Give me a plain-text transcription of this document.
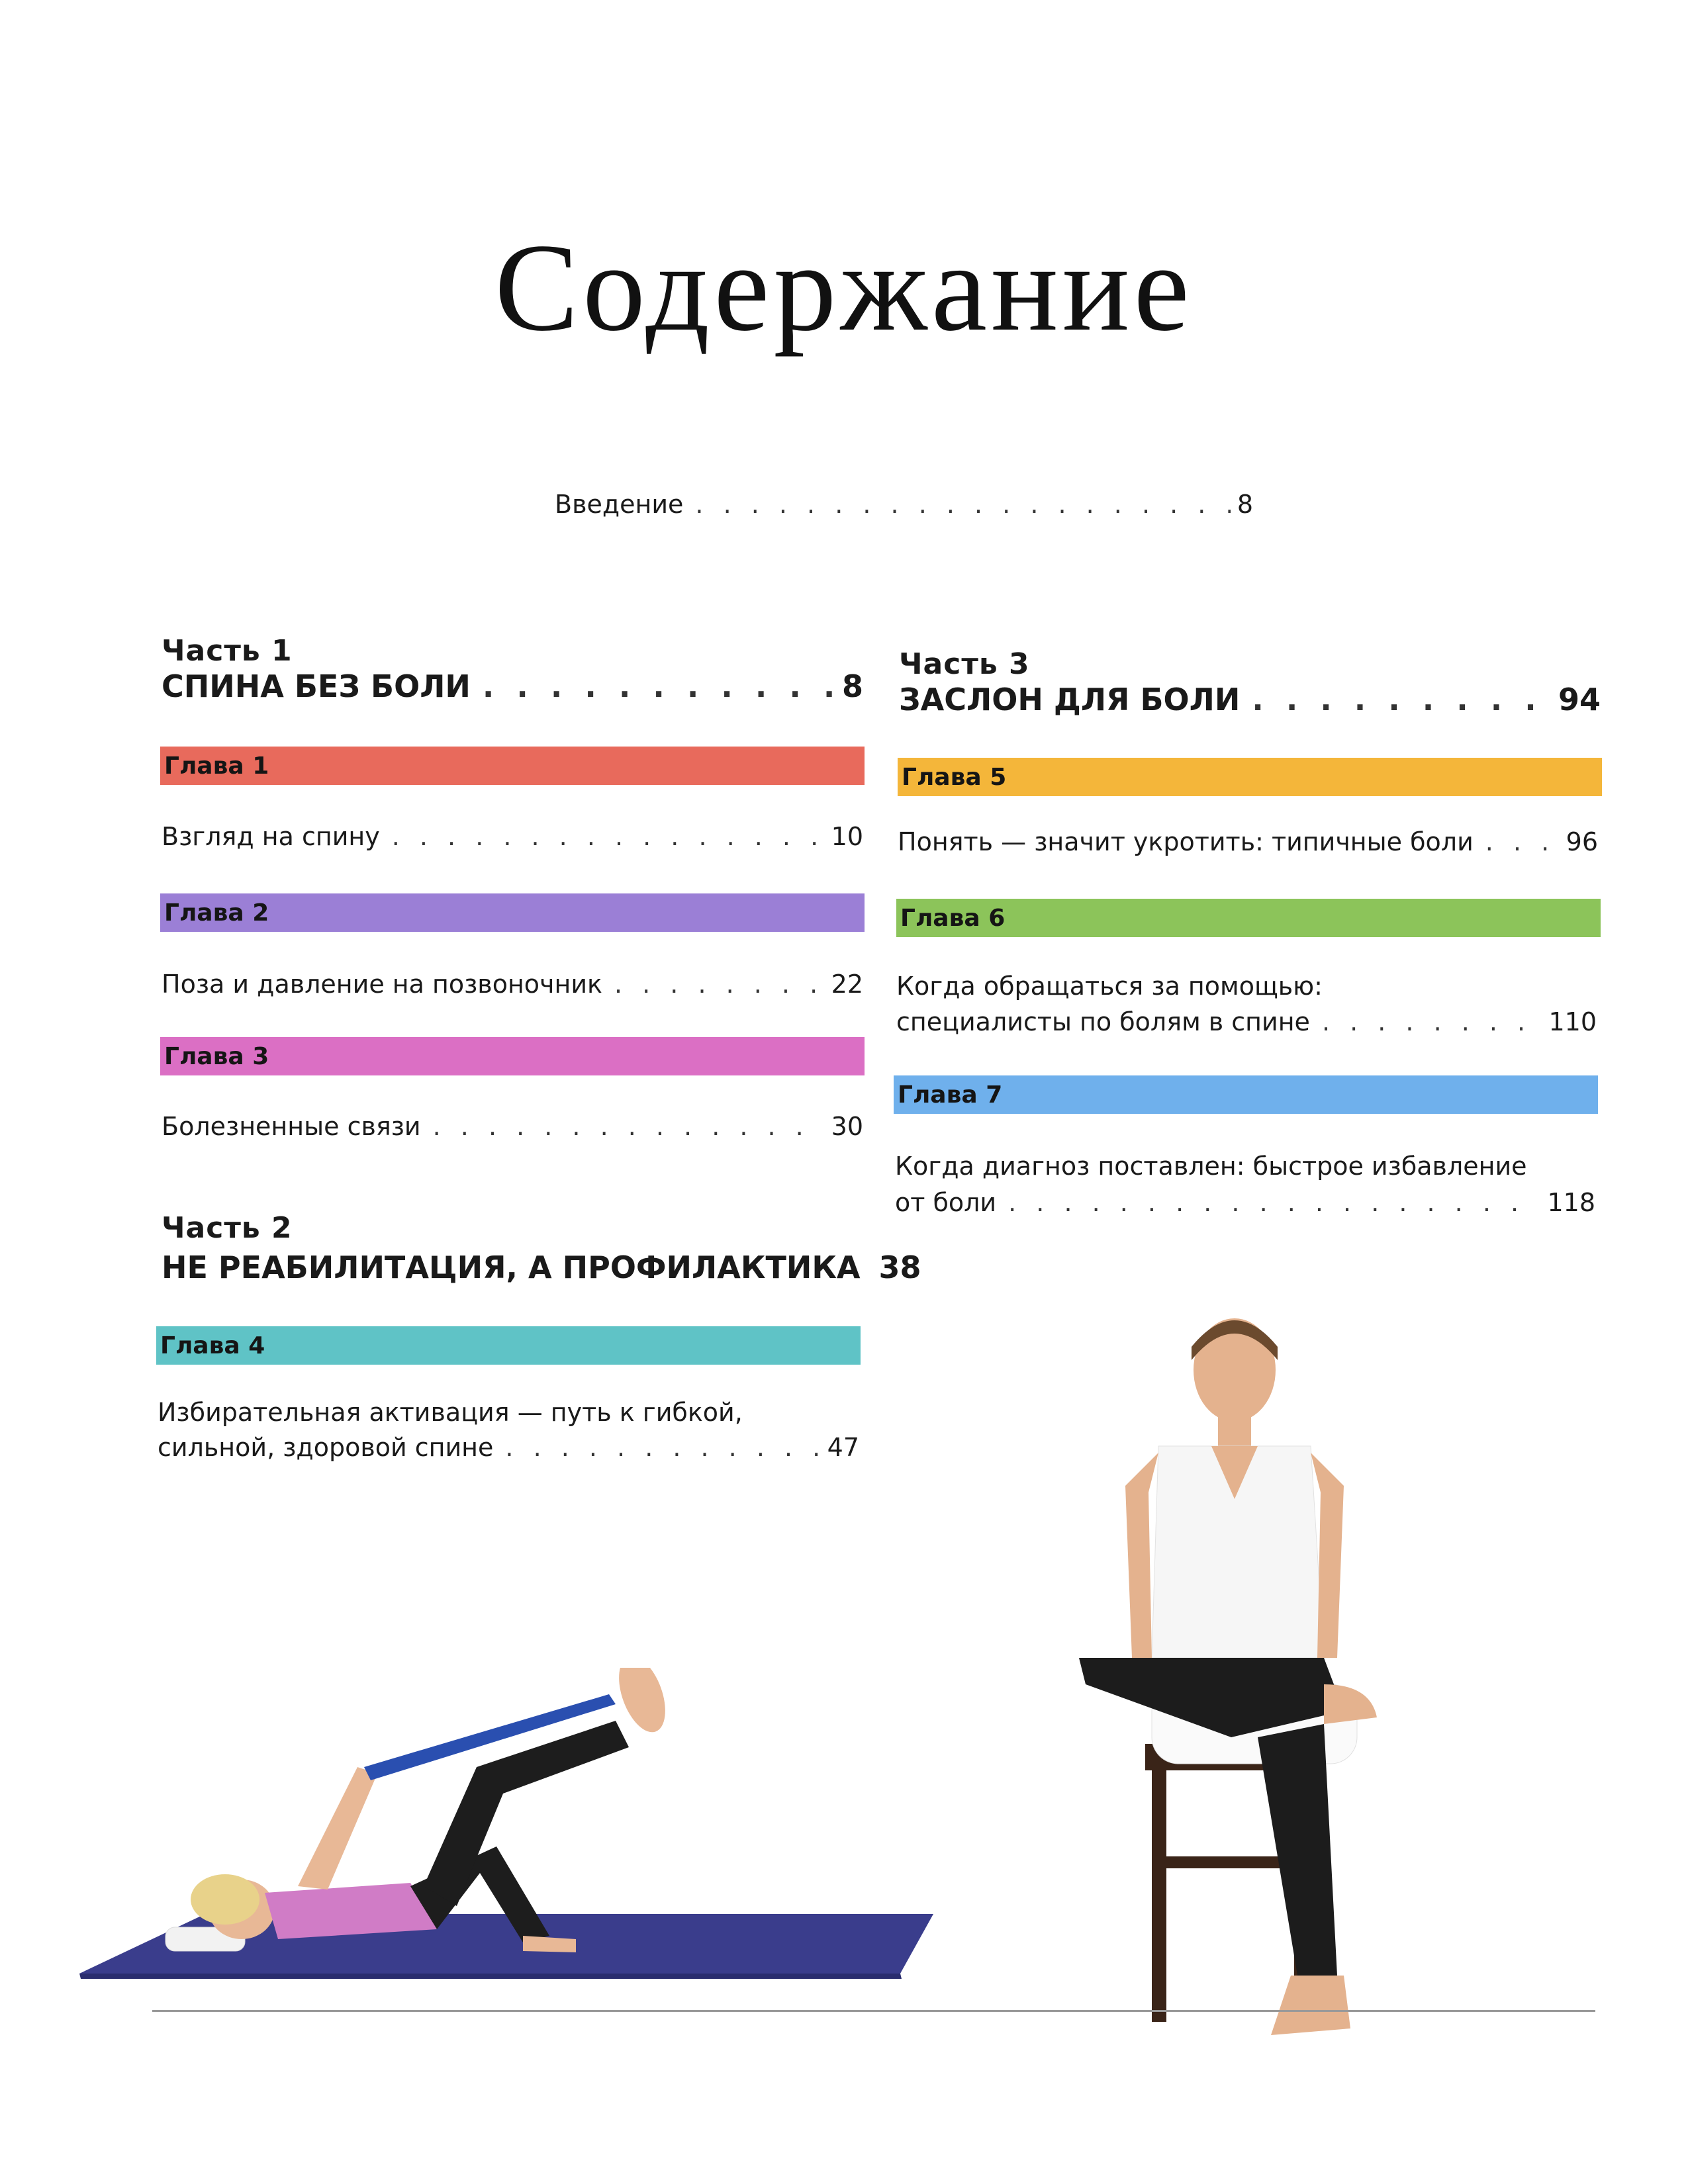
Содержание
Введение . . .	8
Часть 1
СПИНА БЕЗ БОЛИ . . .	8
Глава 1
Взгляд на спину . . .	10
Глава 2
Поза и давление на позвоночник . . .	22
Глава 3
Болезненные связи . . .	30
Часть 2
НЕ РЕАБИЛИТАЦИЯ, А ПРОФИЛАКТИКА 38
Глава 4
Избирательная активация — путь к гибкой,
сильной, здоровой спине . . .	47
Часть 3
ЗАСЛОН ДЛЯ БОЛИ . . .	94
Глава 5
Понять — значит укротить: типичные боли . . .	96
Глава 6
Когда обращаться за помощью:
специалисты по болям в спине . . .	110
Глава 7
Когда диагноз поставлен: быстрое избавление
от боли . . .	118
